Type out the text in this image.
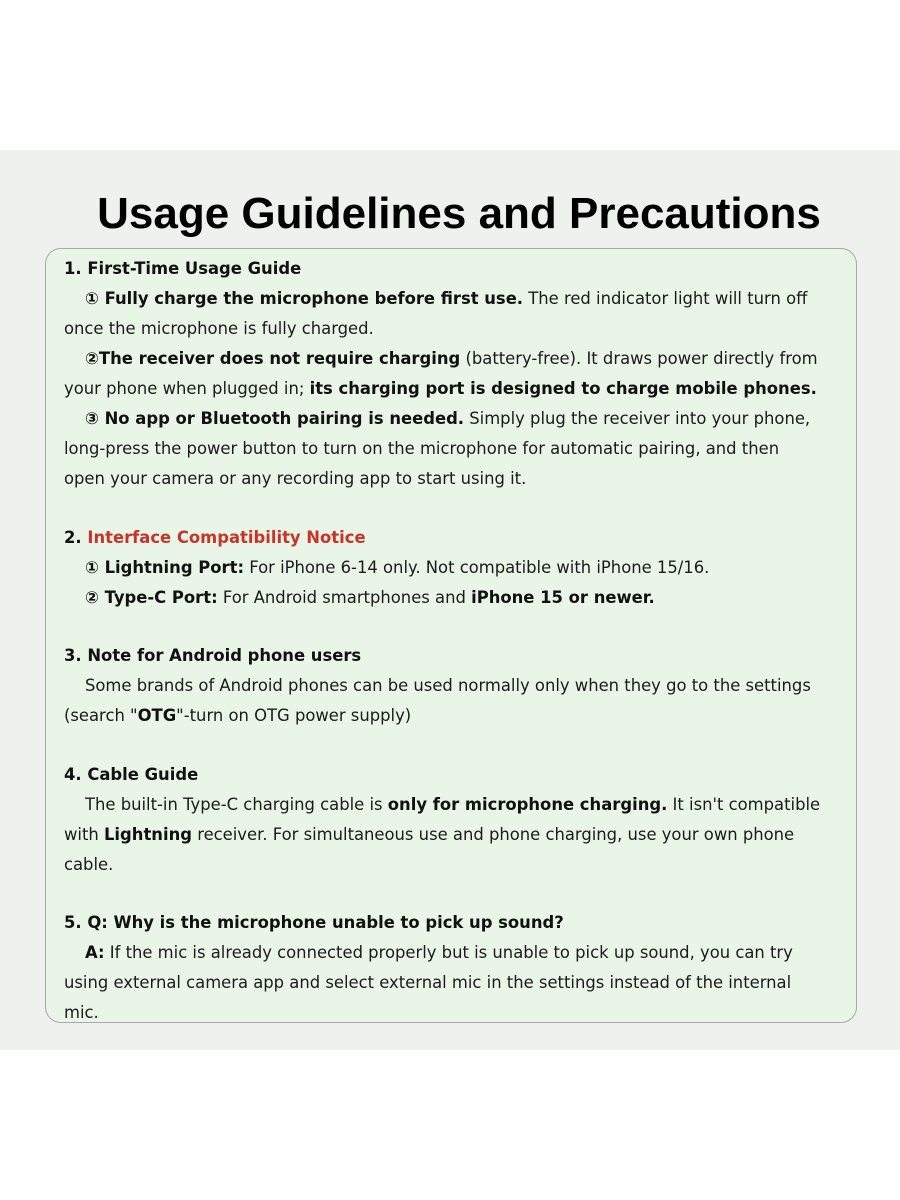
Usage Guidelines and Precautions
1. First-Time Usage Guide
① Fully charge the microphone before first use. The red indicator light will turn off
once the microphone is fully charged.
②The receiver does not require charging (battery-free). It draws power directly from
your phone when plugged in; its charging port is designed to charge mobile phones.
③ No app or Bluetooth pairing is needed. Simply plug the receiver into your phone,
long-press the power button to turn on the microphone for automatic pairing, and then
open your camera or any recording app to start using it.
2. Interface Compatibility Notice
① Lightning Port: For iPhone 6-14 only. Not compatible with iPhone 15/16.
② Type-C Port: For Android smartphones and iPhone 15 or newer.
3. Note for Android phone users
Some brands of Android phones can be used normally only when they go to the settings
(search "OTG"-turn on OTG power supply)
4. Cable Guide
The built-in Type-C charging cable is only for microphone charging. It isn't compatible
with Lightning receiver. For simultaneous use and phone charging, use your own phone
cable.
5. Q: Why is the microphone unable to pick up sound?
A: If the mic is already connected properly but is unable to pick up sound, you can try
using external camera app and select external mic in the settings instead of the internal
mic.
